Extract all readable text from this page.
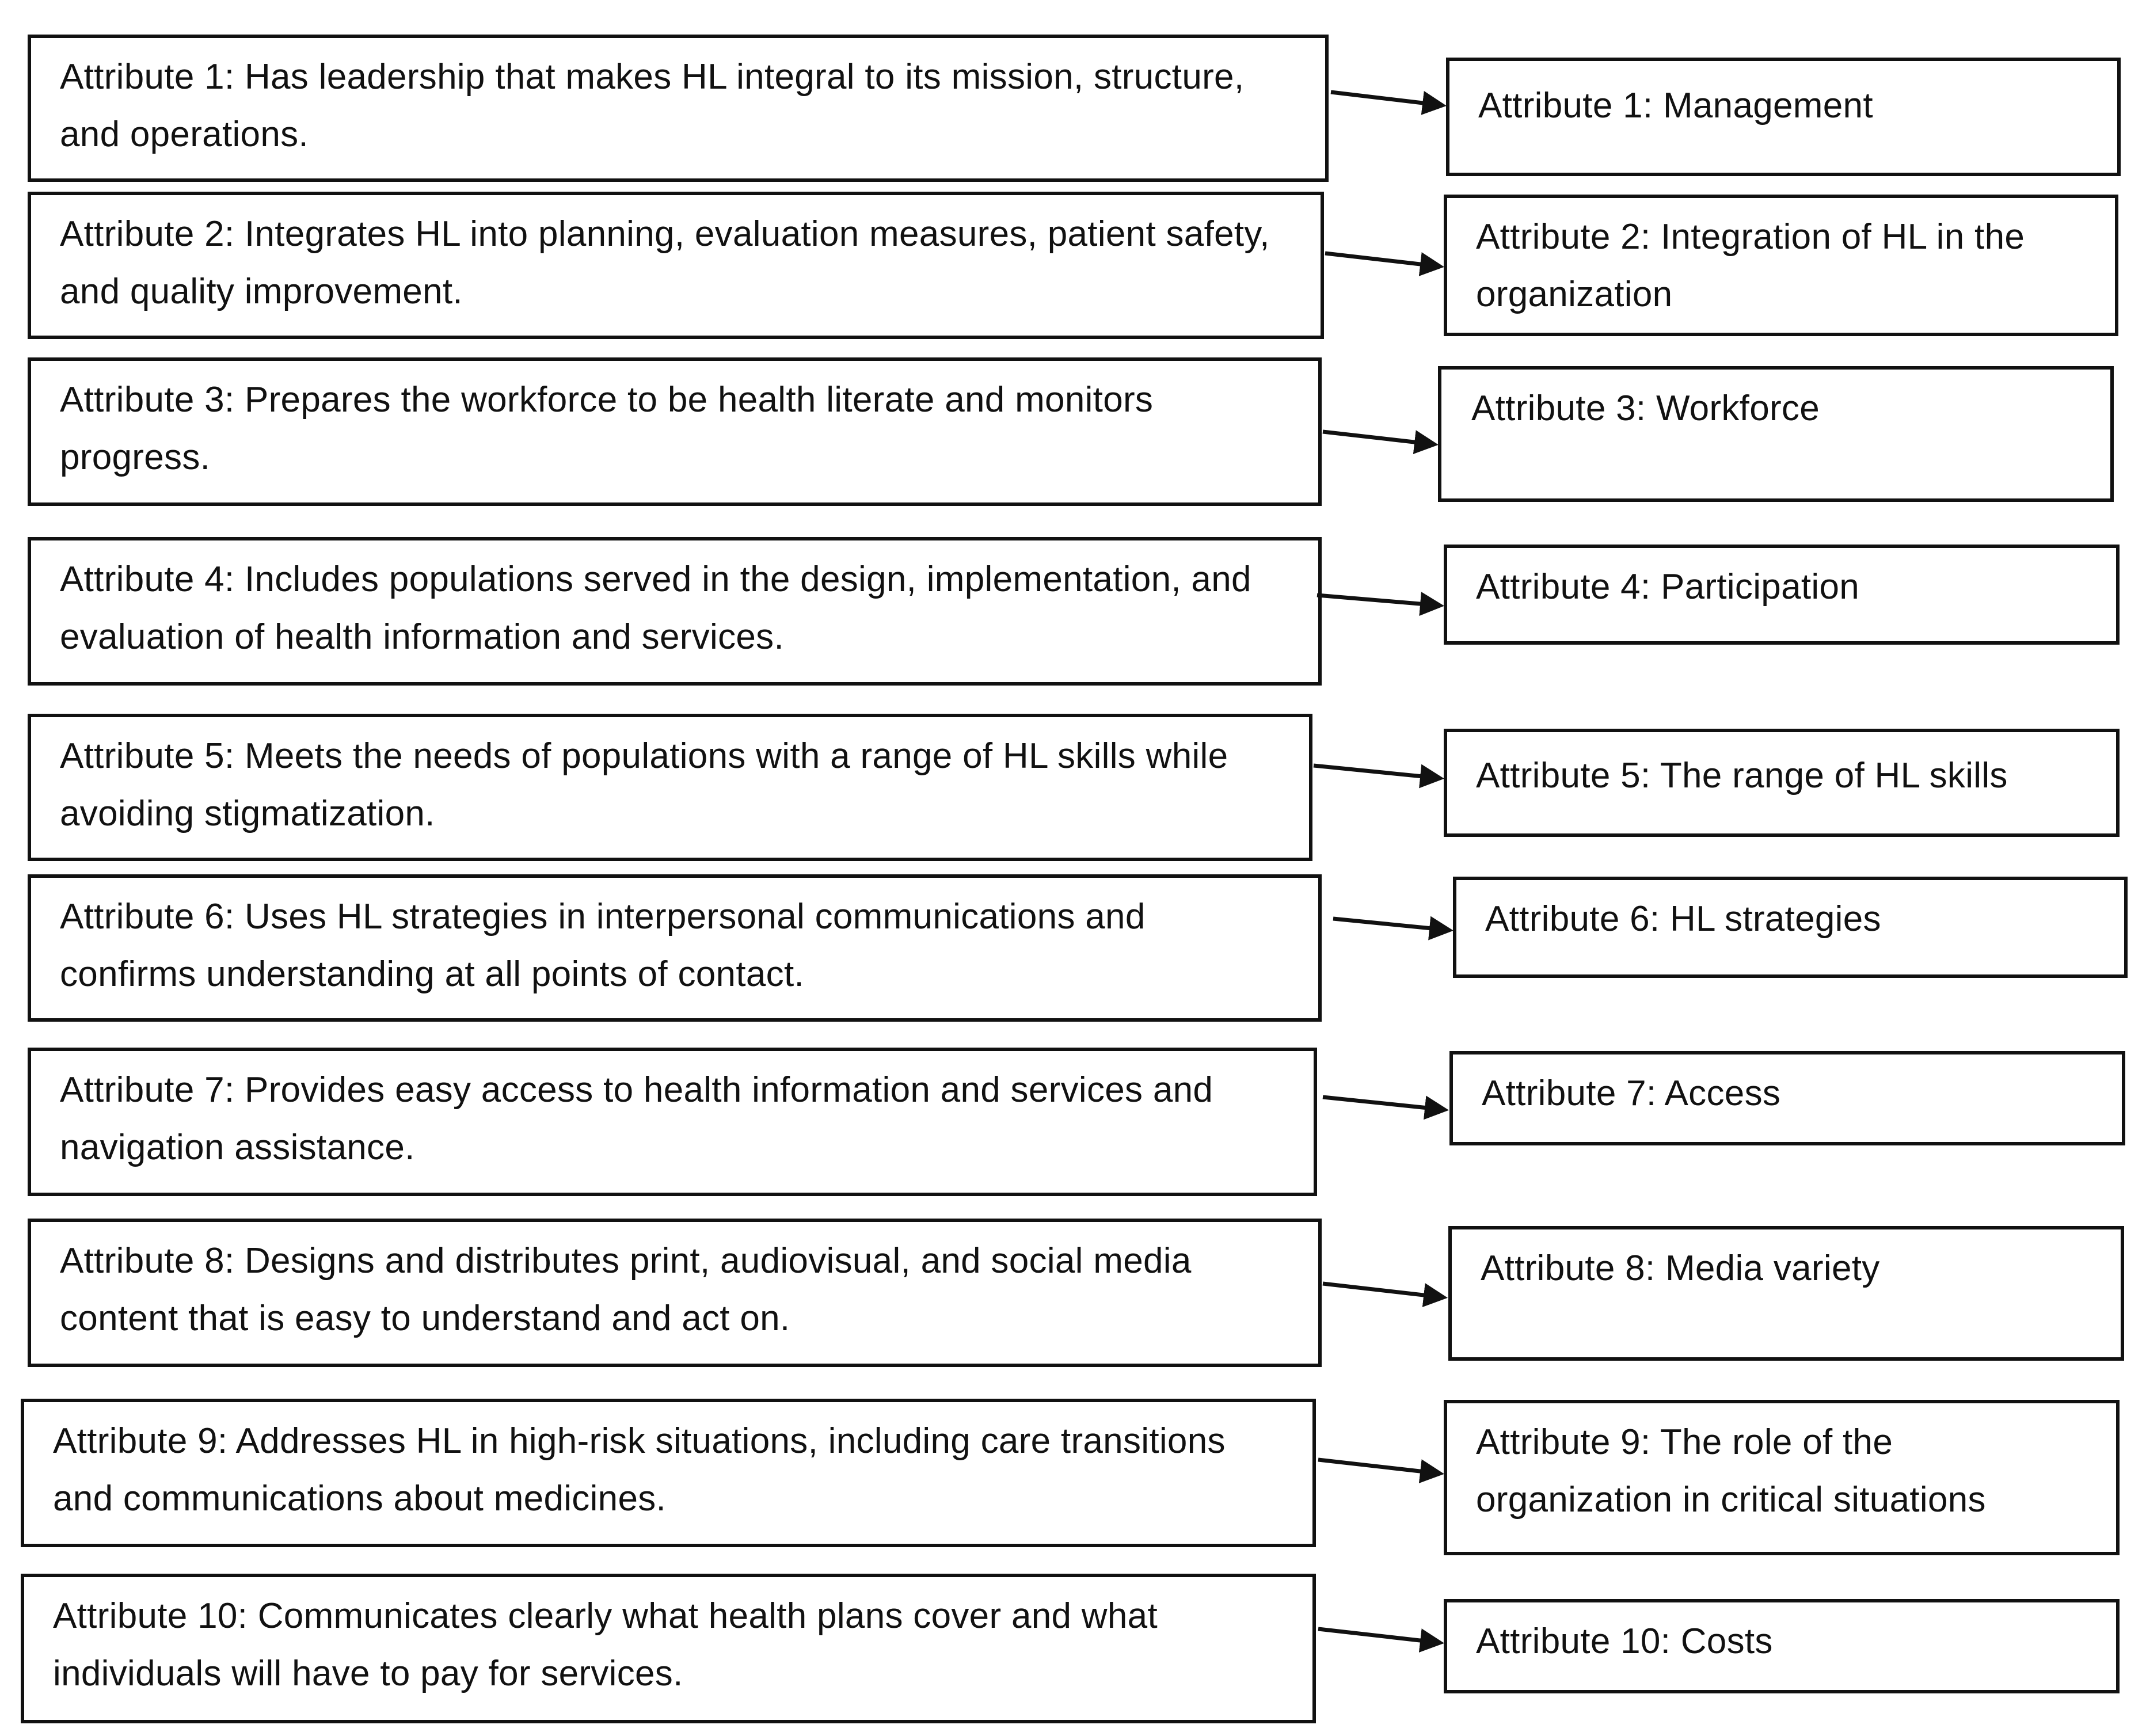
Attribute 1: Has leadership that makes HL integral to its mission, structure, and operations.
Attribute 2: Integrates HL into planning, evaluation measures, patient safety, and quality improvement.
Attribute 3: Prepares the workforce to be health literate and monitors progress.
Attribute 4: Includes populations served in the design, implementation, and evaluation of health information and services.
Attribute 5: Meets the needs of populations with a range of HL skills while avoiding stigmatization.
Attribute 6: Uses HL strategies in interpersonal communications and confirms understanding at all points of contact.
Attribute 7: Provides easy access to health information and services and navigation assistance.
Attribute 8: Designs and distributes print, audiovisual, and social media content that is easy to understand and act on.
Attribute 9: Addresses HL in high-risk situations, including care transitions and communications about medicines.
Attribute 10: Communicates clearly what health plans cover and what individuals will have to pay for services.
Attribute 1: Management
Attribute 2: Integration of HL in the organization
Attribute 3: Workforce
Attribute 4: Participation
Attribute 5: The range of HL skills
Attribute 6: HL strategies
Attribute 7: Access
Attribute 8: Media variety
Attribute 9: The role of the organization in critical situations
Attribute 10: Costs
